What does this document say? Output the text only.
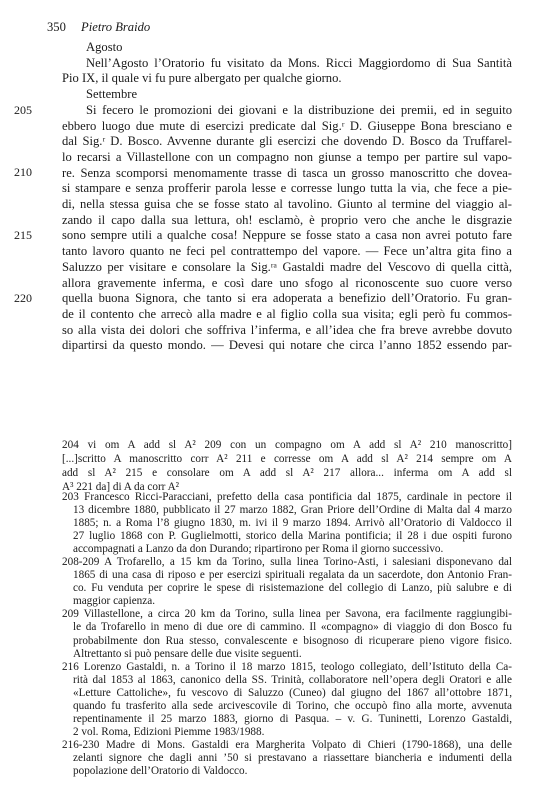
350 Pietro Braido
205
210
215
220
Agosto
Nell’Agosto l’Oratorio fu visitato da Mons. Ricci Maggiordomo di Sua Santità
Pio IX, il quale vi fu pure albergato per qualche giorno.
Settembre
Si fecero le promozioni dei giovani e la distribuzione dei premii, ed in seguito
ebbero luogo due mute di esercizi predicate dal Sig.ʳ D. Giuseppe Bona bresciano e
dal Sig.ʳ D. Bosco. Avvenne durante gli esercizi che dovendo D. Bosco da Truffarel-
lo recarsi a Villastellone con un compagno non giunse a tempo per partire sul vapo-
re. Senza scomporsi menomamente trasse di tasca un grosso manoscritto che dovea-
si stampare e senza profferir parola lesse e corresse lungo tutta la via, che fece a pie-
di, nella stessa guisa che se fosse stato al tavolino. Giunto al termine del viaggio al-
zando il capo dalla sua lettura, oh! esclamò, è proprio vero che anche le disgrazie
sono sempre utili a qualche cosa! Neppure se fosse stato a casa non avrei potuto fare
tanto lavoro quanto ne feci pel contrattempo del vapore. — Fece un’altra gita fino a
Saluzzo per visitare e consolare la Sig.ʳᵃ Gastaldi madre del Vescovo di quella città,
allora gravemente inferma, e così dare uno sfogo al riconoscente suo cuore verso
quella buona Signora, che tanto si era adoperata a benefizio dell’Oratorio. Fu gran-
de il contento che arrecò alla madre e al figlio colla sua visita; egli però fu commos-
so alla vista dei dolori che soffriva l’inferma, e all’idea che fra breve avrebbe dovuto
dipartirsi da questo mondo. — Devesi qui notare che circa l’anno 1852 essendo par-
204 vi om A add sl A² 209 con un compagno om A add sl A² 210 manoscritto]
[...]scritto A manoscritto corr A² 211 e corresse om A add sl A² 214 sempre om A
add sl A² 215 e consolare om A add sl A² 217 allora... inferma om A add sl
A³ 221 da] di A da corr A²
203 Francesco Ricci-Paracciani, prefetto della casa pontificia dal 1875, cardinale in pectore il
13 dicembre 1880, pubblicato il 27 marzo 1882, Gran Priore dell’Ordine di Malta dal 4 marzo
1885; n. a Roma l’8 giugno 1830, m. ivi il 9 marzo 1894. Arrivò all’Oratorio di Valdocco il
27 luglio 1868 con P. Guglielmotti, storico della Marina pontificia; il 28 i due ospiti furono
accompagnati a Lanzo da don Durando; ripartirono per Roma il giorno successivo.
208-209 A Trofarello, a 15 km da Torino, sulla linea Torino-Asti, i salesiani disponevano dal
1865 di una casa di riposo e per esercizi spirituali regalata da un sacerdote, don Antonio Fran-
co. Fu venduta per coprire le spese di risistemazione del collegio di Lanzo, più salubre e di
maggior capienza.
209 Villastellone, a circa 20 km da Torino, sulla linea per Savona, era facilmente raggiungibi-
le da Trofarello in meno di due ore di cammino. Il «compagno» di viaggio di don Bosco fu
probabilmente don Rua stesso, convalescente e bisognoso di ricuperare pieno vigore fisico.
Altrettanto si può pensare delle due visite seguenti.
216 Lorenzo Gastaldi, n. a Torino il 18 marzo 1815, teologo collegiato, dell’Istituto della Ca-
rità dal 1853 al 1863, canonico della SS. Trinità, collaboratore nell’opera degli Oratori e alle
«Letture Cattoliche», fu vescovo di Saluzzo (Cuneo) dal giugno del 1867 all’ottobre 1871,
quando fu trasferito alla sede arcivescovile di Torino, che occupò fino alla morte, avvenuta
repentinamente il 25 marzo 1883, giorno di Pasqua. – v. G. Tuninetti, Lorenzo Gastaldi,
2 vol. Roma, Edizioni Piemme 1983/1988.
216-230 Madre di Mons. Gastaldi era Margherita Volpato di Chieri (1790-1868), una delle
zelanti signore che dagli anni ’50 si prestavano a riassettare biancheria e indumenti della
popolazione dell’Oratorio di Valdocco.
